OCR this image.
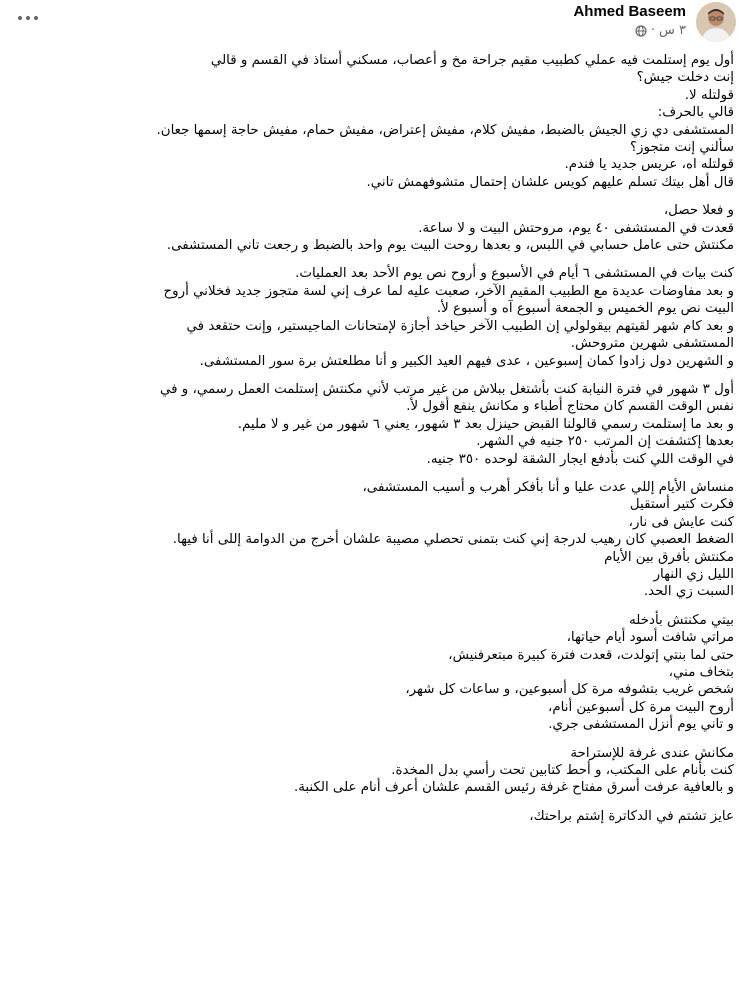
Ahmed Baseem
٣ س
·
أول يوم إستلمت فيه عملي كطبيب مقيم جراحة مخ و أعصاب، مسكني أستاذ في القسم و قالي
إنت دخلت جيش؟
قولتله لا.
قالي بالحرف:
المستشفى دي زي الجيش بالضبط، مفيش كلام، مفيش إعتراض، مفيش حمام، مفيش حاجة إسمها جعان.
سألني إنت متجوز؟
قولتله اه، عريس جديد يا فندم.
قال أهل بيتك تسلم عليهم كويس علشان إحتمال متشوفهمش تاني.
و فعلا حصل،
قعدت في المستشفى ٤٠ يوم، مروحتش البيت و لا ساعة.
مكنتش حتى عامل حسابي في اللبس، و بعدها روحت البيت يوم واحد بالضبط و رجعت تاني المستشفى.
كنت بيات في المستشفى ٦ أيام في الأسبوع و أروح نص يوم الأحد بعد العمليات.
و بعد مفاوضات عديدة مع الطبيب المقيم الآخر، صعبت عليه لما عرف إني لسة متجوز جديد فخلاني أروح
البيت نص يوم الخميس و الجمعة أسبوع آه و أسبوع لأ.
و بعد كام شهر لقيتهم بيقولولي إن الطبيب الآخر حياخد أجازة لإمتحانات الماجيستير، وإنت حتقعد في
المستشفى شهرين متروحش.
و الشهرين دول زادوا كمان إسبوعين ، عدى فيهم العيد الكبير و أنا مطلعتش برة سور المستشفى.
أول ٣ شهور في فترة النيابة كنت بأشتغل ببلاش من غير مرتب لأني مكنتش إستلمت العمل رسمي، و في
نفس الوقت القسم كان محتاج أطباء و مكانش ينفع أقول لأ.
و بعد ما إستلمت رسمي قالولنا القبض حينزل بعد ٣ شهور، يعني ٦ شهور من غير و لا مليم.
بعدها إكتشفت إن المرتب ٢٥٠ جنيه في الشهر.
في الوقت اللي كنت بأدفع ايجار الشقة لوحده ٣٥٠ جنيه.
منساش الأيام إللي عدت عليا و أنا بأفكر أهرب و أسيب المستشفى،
فكرت كتير أستقيل
كنت عايش فى نار،
الضغط العصبي كان رهيب لدرجة إني كنت بتمنى تحصلي مصيبة علشان أخرج من الدوامة إللى أنا فيها.
مكنتش بأفرق بين الأيام
الليل زي النهار
السبت زي الحد.
بيتي مكنتش بأدخله
مراتي شافت أسود أيام حياتها،
حتى لما بنتي إتولدت، قعدت فترة كبيرة مبتعرفنيش،
بتخاف مني،
شخص غريب بتشوفه مرة كل أسبوعين، و ساعات كل شهر،
أروح البيت مرة كل أسبوعين أنام،
و تاني يوم أنزل المستشفى جري.
مكانش عندى غرفة للإستراحة
كنت بأنام على المكتب، و أحط كتابين تحت رأسي بدل المخدة.
و بالعافية عرفت أسرق مفتاح غرفة رئيس القسم علشان أعرف أنام على الكنبة.
عايز تشتم في الدكاترة إشتم براحتك،
